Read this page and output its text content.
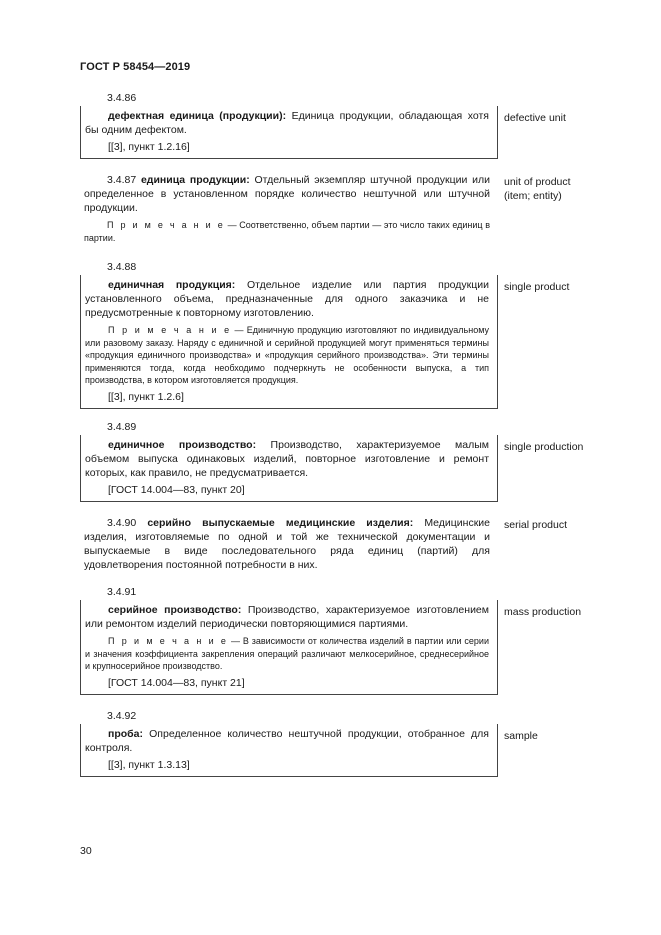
ГОСТ Р 58454—2019
3.4.86

дефектная единица (продукции): Единица продукции, обладающая хотя бы одним дефектом.

[[3], пункт 1.2.16]
defective unit

3.4.87 единица продукции: Отдельный экземпляр штучной продукции или определенное в установленном порядке количество нештучной или штучной продукции.

П р и м е ч а н и е — Соответственно, объем партии — это число таких единиц в партии.

unit of product (item; entity)
3.4.88

единичная продукция: Отдельное изделие или партия продукции установленного объема, предназначенные для одного заказчика и не предусмотренные к повторному изготовлению.

П р и м е ч а н и е — Единичную продукцию изготовляют по индивидуальному или разовому заказу. Наряду с единичной и серийной продукцией могут применяться термины «продукция единичного производства» и «продукция серийного производства». Эти термины применяются тогда, когда необходимо подчеркнуть не особенности выпуска, а тип производства, в котором изготовляется продукция.

[[3], пункт 1.2.6]
single product
3.4.89

единичное производство: Производство, характеризуемое малым объемом выпуска одинаковых изделий, повторное изготовление и ремонт которых, как правило, не предусматривается.

[ГОСТ 14.004—83, пункт 20]
single production

3.4.90 серийно выпускаемые медицинские изделия: Медицинские изделия, изготовляемые по одной и той же технической документации и выпускаемые в виде последовательного ряда единиц (партий) для удовлетворения постоянной потребности в них.

serial product
3.4.91

серийное производство: Производство, характеризуемое изготовлением или ремонтом изделий периодически повторяющимися партиями.

П р и м е ч а н и е — В зависимости от количества изделий в партии или серии и значения коэффициента закрепления операций различают мелкосерийное, среднесерийное и крупносерийное производство.

[ГОСТ 14.004—83, пункт 21]
mass production
3.4.92

проба: Определенное количество нештучной продукции, отобранное для контроля.

[[3], пункт 1.3.13]
sample
30
